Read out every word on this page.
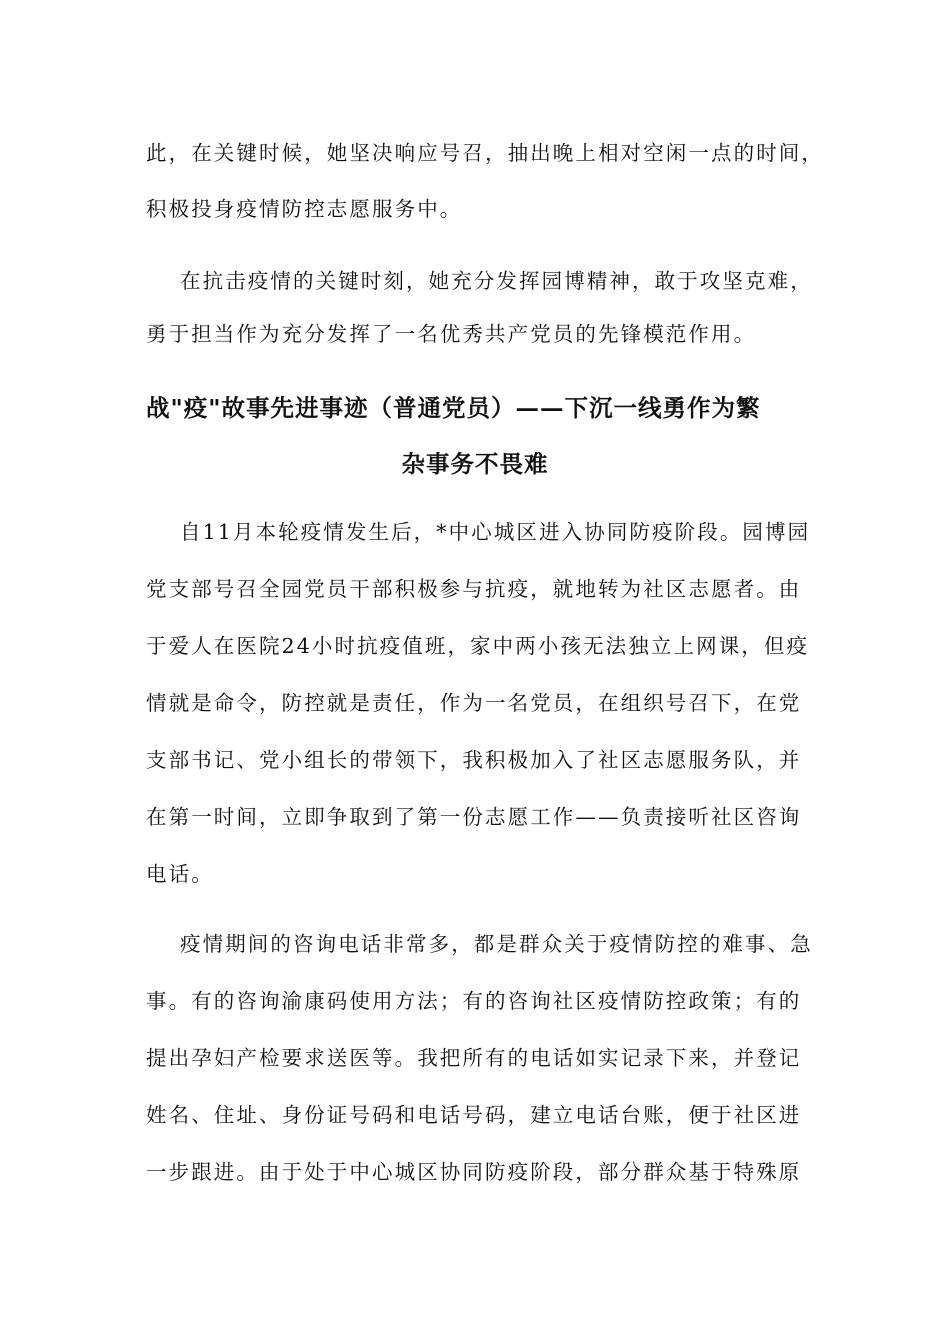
此，在关键时候，她坚决响应号召，抽出晚上相对空闲一点的时间，
积极投身疫情防控志愿服务中。
在抗击疫情的关键时刻，她充分发挥园博精神，敢于攻坚克难，
勇于担当作为充分发挥了一名优秀共产党员的先锋模范作用。
战"疫"故事先进事迹（普通党员）——下沉一线勇作为繁
杂事务不畏难
自11月本轮疫情发生后，*中心城区进入协同防疫阶段。园博园
党支部号召全园党员干部积极参与抗疫，就地转为社区志愿者。由
于爱人在医院24小时抗疫值班，家中两小孩无法独立上网课，但疫
情就是命令，防控就是责任，作为一名党员，在组织号召下，在党
支部书记、党小组长的带领下，我积极加入了社区志愿服务队，并
在第一时间，立即争取到了第一份志愿工作——负责接听社区咨询
电话。
疫情期间的咨询电话非常多，都是群众关于疫情防控的难事、急
事。有的咨询渝康码使用方法；有的咨询社区疫情防控政策；有的
提出孕妇产检要求送医等。我把所有的电话如实记录下来，并登记
姓名、住址、身份证号码和电话号码，建立电话台账，便于社区进
一步跟进。由于处于中心城区协同防疫阶段，部分群众基于特殊原
